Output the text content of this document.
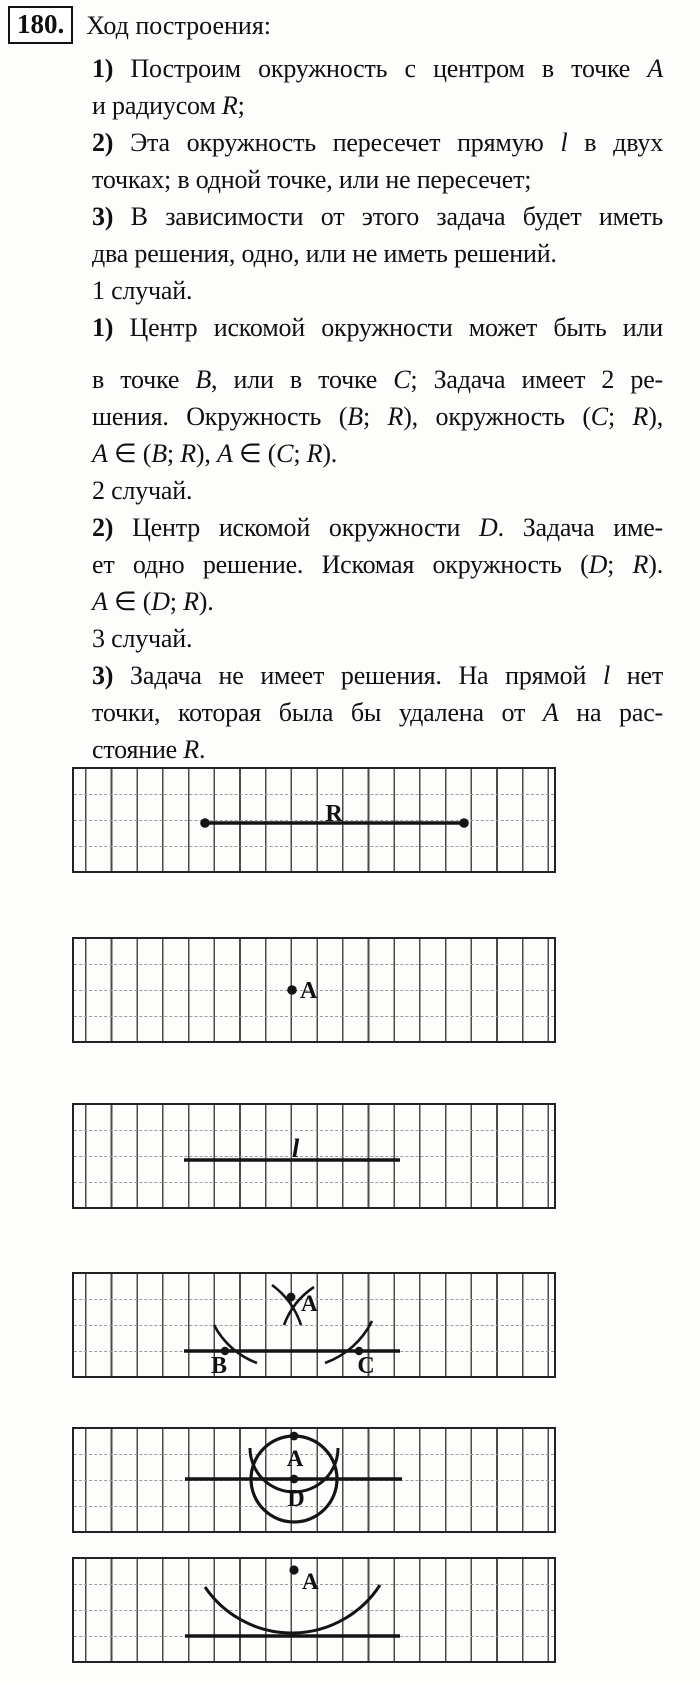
180. Ход построения:
1) Построим окружность с центром в точке A
и радиусом R;
2) Эта окружность пересечет прямую l в двух
точках; в одной точке, или не пересечет;
3) В зависимости от этого задача будет иметь
два решения, одно, или не иметь решений.
1 случай.
1) Центр искомой окружности может быть или
в точке B, или в точке C; Задача имеет 2 ре-
шения. Окружность (B; R), окружность (C; R),
A ∈ (B; R), A ∈ (C; R).
2 случай.
2) Центр искомой окружности D. Задача име-
ет одно решение. Искомая окружность (D; R).
A ∈ (D; R).
3 случай.
3) Задача не имеет решения. На прямой l нет
точки, которая была бы удалена от A на рас-
стояние R.
R
A
l
A
B	C
A
D
A
